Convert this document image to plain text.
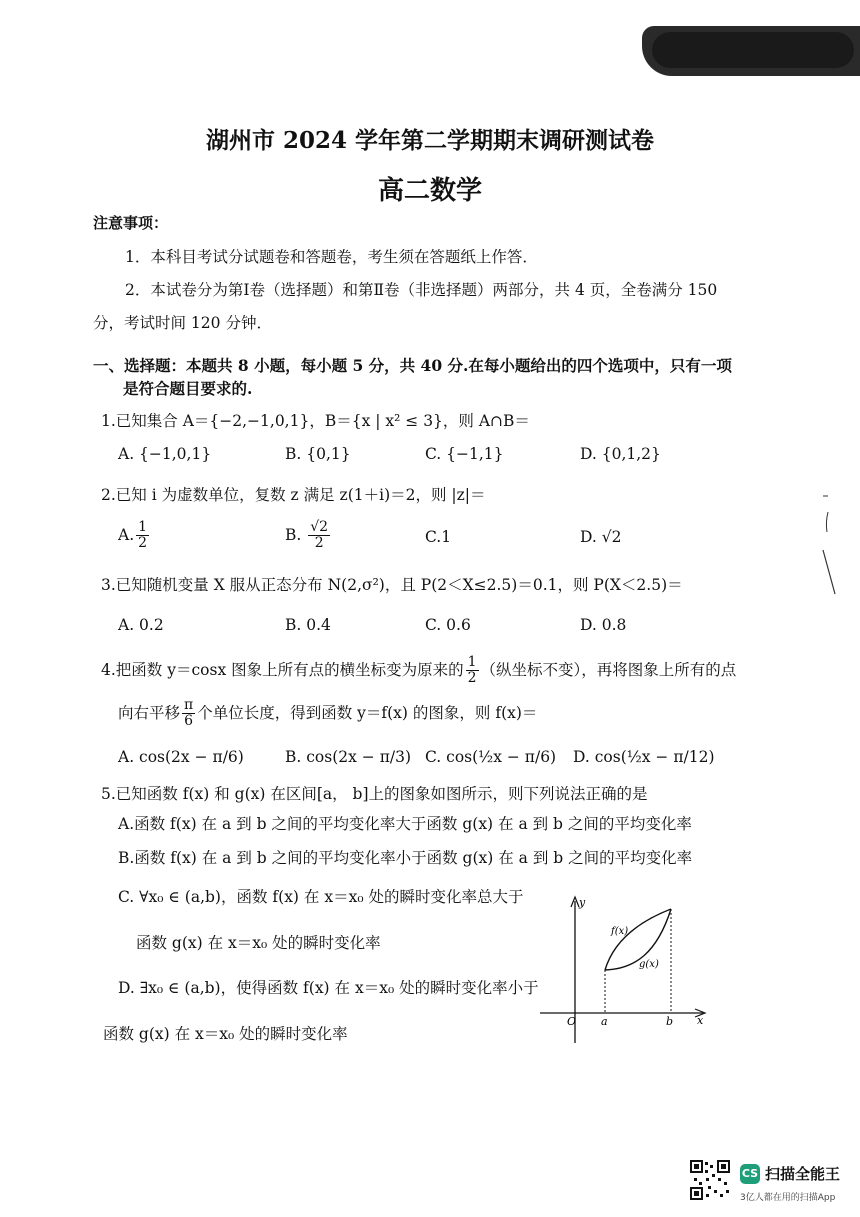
湖州市 2024 学年第二学期期末调研测试卷
高二数学
注意事项：
1．本科目考试分试题卷和答题卷，考生须在答题纸上作答．
2．本试卷分为第Ⅰ卷（选择题）和第Ⅱ卷（非选择题）两部分，共 4 页，全卷满分 150
分，考试时间 120 分钟．
一、选择题：本题共 8 小题，每小题 5 分，共 40 分.在每小题给出的四个选项中，只有一项
是符合题目要求的.
1.已知集合 A＝{−2,−1,0,1}，B＝{x | x² ≤ 3}，则 A∩B＝
A. {−1,0,1}	B. {0,1}	C. {−1,1}	D. {0,1,2}
2.已知 i 为虚数单位，复数 z 满足 z(1＋i)＝2，则 |z|＝
A. $\frac{1}{2}$	B. $\frac{√2}{2}$	C.1	D. √2
3.已知随机变量 X 服从正态分布 N(2,σ²)，且 P(2＜X≤2.5)＝0.1，则 P(X＜2.5)＝
A. 0.2	B. 0.4	C. 0.6	D. 0.8
4.把函数 y＝cosx 图象上所有点的横坐标变为原来的 $\frac{1}{2}$ （纵坐标不变），再将图象上所有的点
向右平移 $\frac{\pi}{6}$ 个单位长度，得到函数 y＝f(x) 的图象，则 f(x)＝
A. cos(2x − π/6)	B. cos(2x − π/3) C. cos(½x − π/6) D. cos(½x − π/12)
5.已知函数 f(x) 和 g(x) 在区间[a， b]上的图象如图所示，则下列说法正确的是
A.函数 f(x) 在 a 到 b 之间的平均变化率大于函数 g(x) 在 a 到 b 之间的平均变化率
B.函数 f(x) 在 a 到 b 之间的平均变化率小于函数 g(x) 在 a 到 b 之间的平均变化率
C. ∀x₀ ∈ (a,b)，函数 f(x) 在 x＝x₀ 处的瞬时变化率总大于
函数 g(x) 在 x＝x₀ 处的瞬时变化率
D. ∃x₀ ∈ (a,b)，使得函数 f(x) 在 x＝x₀ 处的瞬时变化率小于
函数 g(x) 在 x＝x₀ 处的瞬时变化率
y
x
O a	b
f(x)
g(x)
CS 扫描全能王
3亿人都在用的扫描App
